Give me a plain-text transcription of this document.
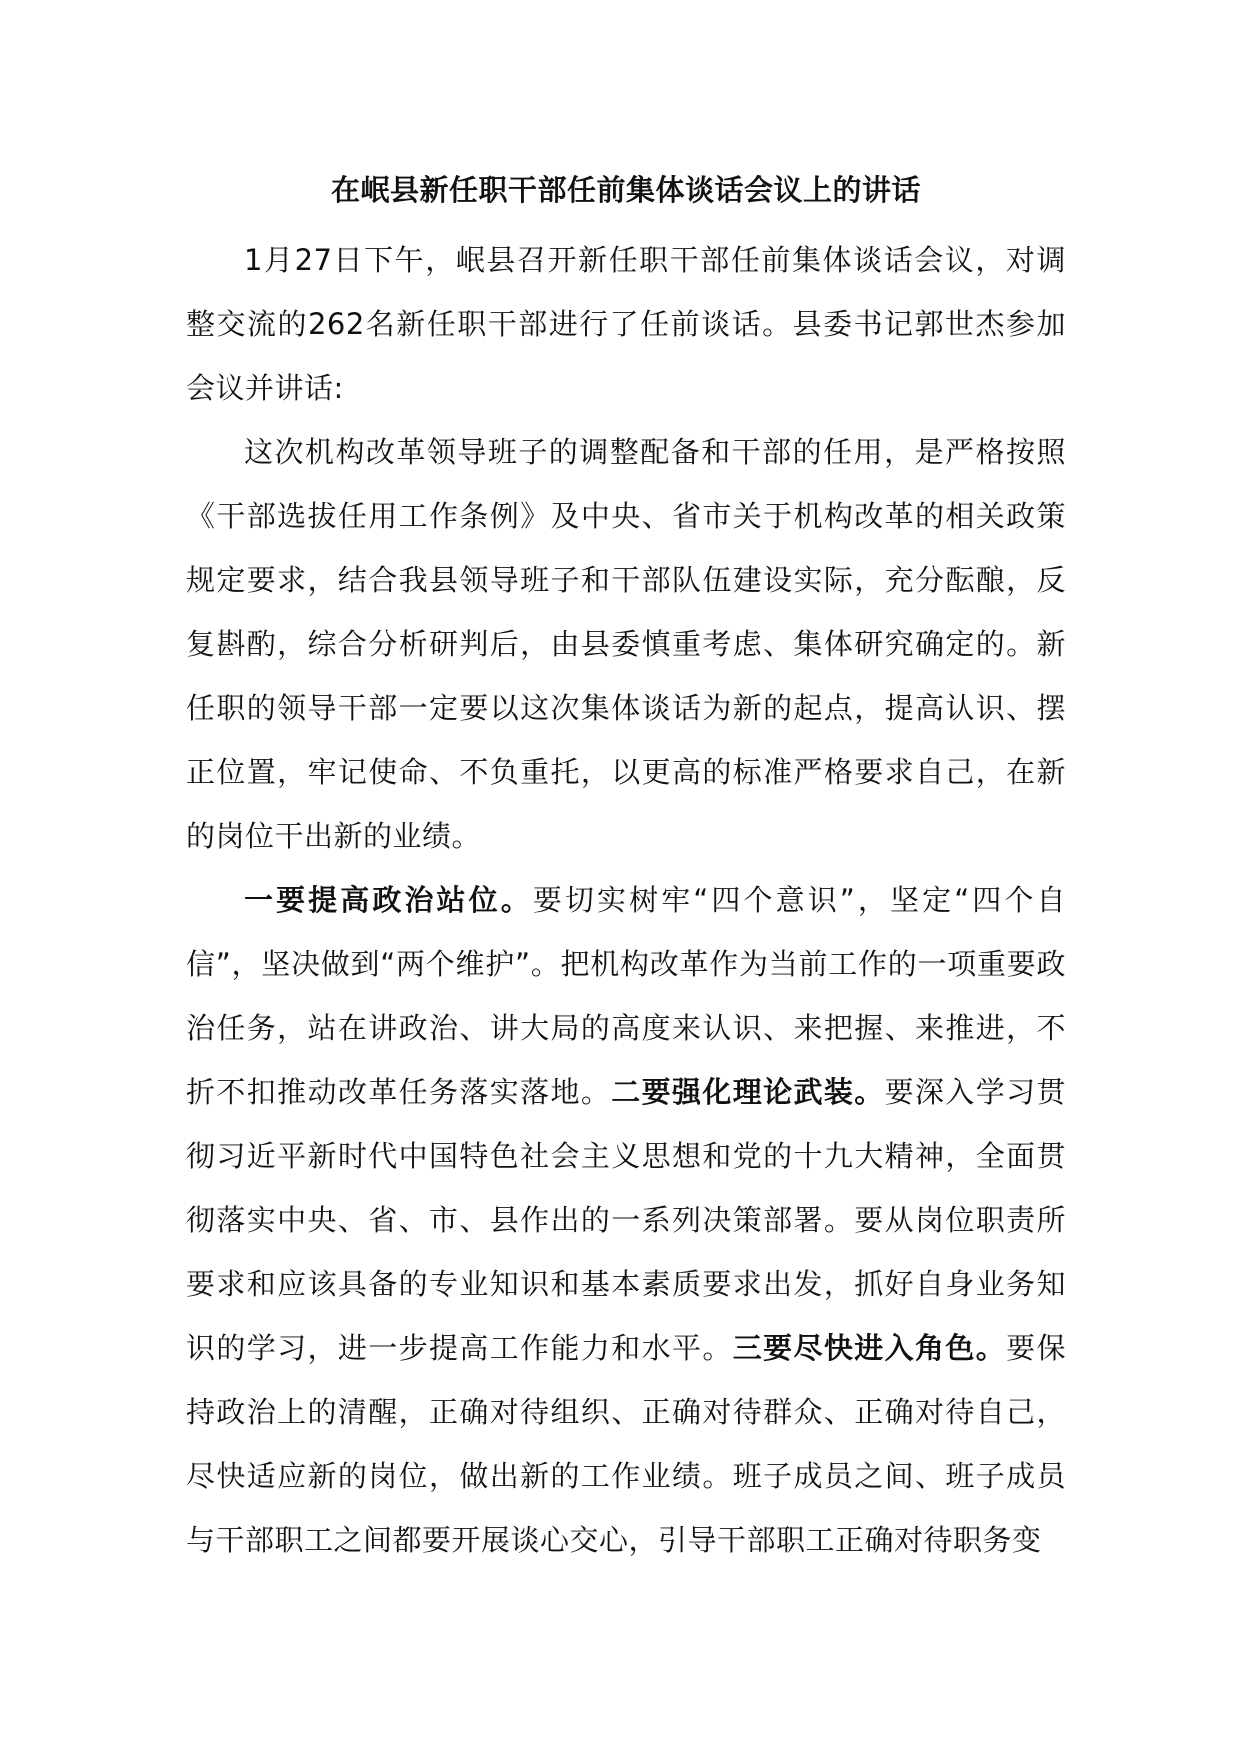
在岷县新任职干部任前集体谈话会议上的讲话

1月27日下午，岷县召开新任职干部任前集体谈话会议，对调整交流的262名新任职干部进行了任前谈话。县委书记郭世杰参加会议并讲话:

这次机构改革领导班子的调整配备和干部的任用，是严格按照《干部选拔任用工作条例》及中央、省市关于机构改革的相关政策规定要求，结合我县领导班子和干部队伍建设实际，充分酝酿，反复斟酌，综合分析研判后，由县委慎重考虑、集体研究确定的。新任职的领导干部一定要以这次集体谈话为新的起点，提高认识、摆正位置，牢记使命、不负重托，以更高的标准严格要求自己，在新的岗位干出新的业绩。

一要提高政治站位。要切实树牢“四个意识”，坚定“四个自信”，坚决做到“两个维护”。把机构改革作为当前工作的一项重要政治任务，站在讲政治、讲大局的高度来认识、来把握、来推进，不折不扣推动改革任务落实落地。二要强化理论武装。要深入学习贯彻习近平新时代中国特色社会主义思想和党的十九大精神，全面贯彻落实中央、省、市、县作出的一系列决策部署。要从岗位职责所要求和应该具备的专业知识和基本素质要求出发，抓好自身业务知识的学习，进一步提高工作能力和水平。三要尽快进入角色。要保持政治上的清醒，正确对待组织、正确对待群众、正确对待自己，尽快适应新的岗位，做出新的工作业绩。班子成员之间、班子成员与干部职工之间都要开展谈心交心，引导干部职工正确对待职务变
